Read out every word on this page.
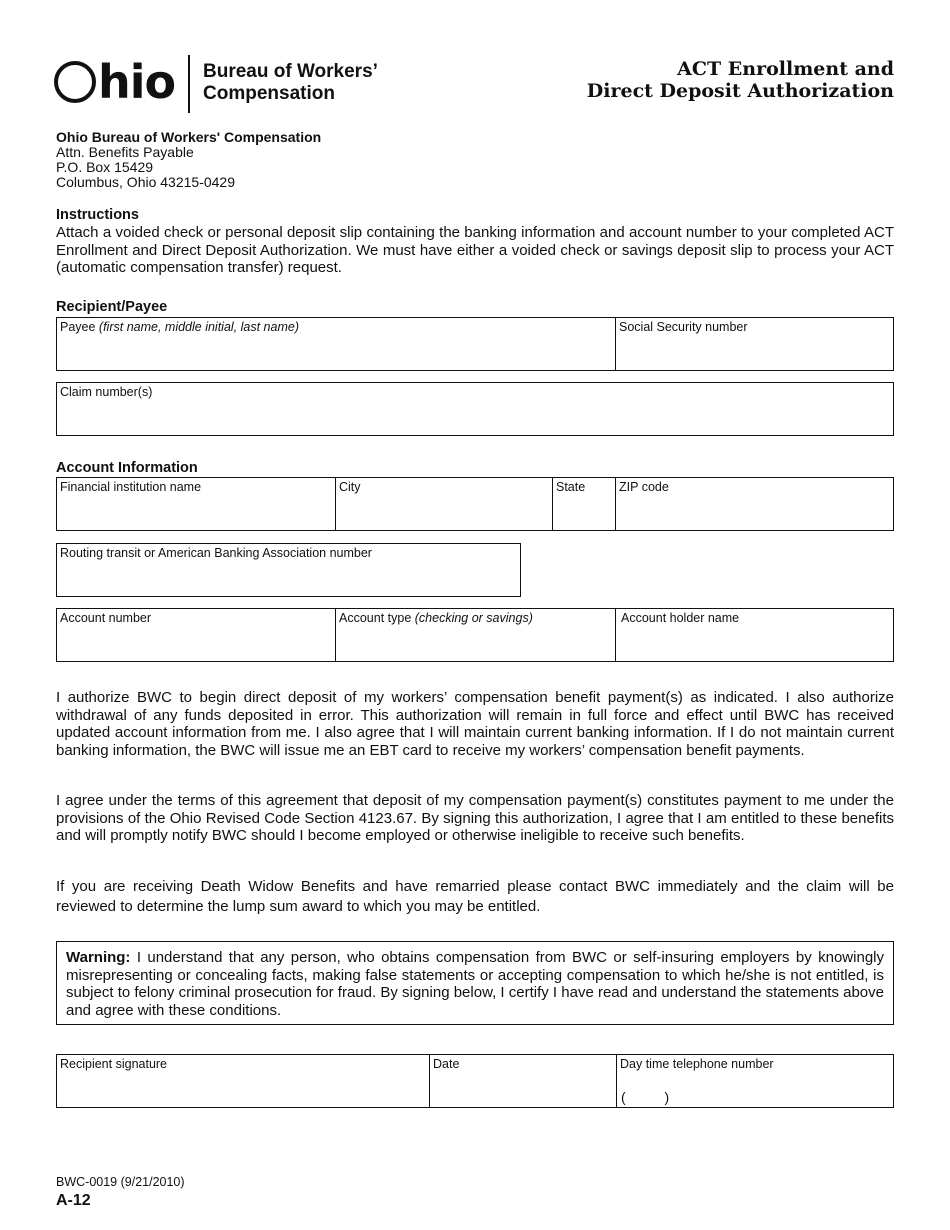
hio Bureau of Workers’
Compensation
ACT Enrollment and
Direct Deposit Authorization
Ohio Bureau of Workers' Compensation
Attn. Benefits Payable
P.O. Box 15429
Columbus, Ohio 43215-0429
Instructions
Attach a voided check or personal deposit slip containing the banking information and account number to your completed ACT Enrollment and Direct Deposit Authorization. We must have either a voided check or savings deposit slip to process your ACT (automatic compensation transfer) request.
Recipient/Payee
Payee (first name, middle initial, last name)	Social Security number
Claim number(s)
Account Information
Financial institution name	City	State	ZIP code
Routing transit or American Banking Association number
Account number	Account type (checking or savings)	Account holder name
I authorize BWC to begin direct deposit of my workers’ compensation benefit payment(s) as indicated. I also authorize withdrawal of any funds deposited in error. This authorization will remain in full force and effect until BWC has received updated account information from me. I also agree that I will maintain current banking information. If I do not maintain current banking information, the BWC will issue me an EBT card to receive my workers’ compensation benefit payments.
I agree under the terms of this agreement that deposit of my compensation payment(s) constitutes payment to me under the provisions of the Ohio Revised Code Section 4123.67. By signing this authorization, I agree that I am entitled to these benefits and will promptly notify BWC should I become employed or otherwise ineligible to receive such benefits.
If you are receiving Death Widow Benefits and have remarried please contact BWC immediately and the claim will be reviewed to determine the lump sum award to which you may be entitled.
Warning: I understand that any person, who obtains compensation from BWC or self-insuring employers by knowingly misrepresenting or concealing facts, making false statements or accepting compensation to which he/she is not entitled, is subject to felony criminal prosecution for fraud. By signing below, I certify I have read and understand the statements above and agree with these conditions.
Recipient signature	Date	Day time telephone number
(          )
BWC-0019 (9/21/2010)
A-12
